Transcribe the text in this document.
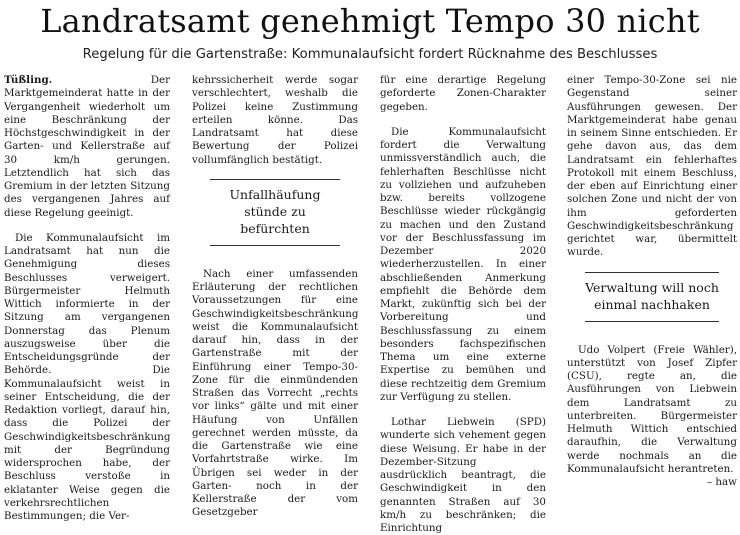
Landratsamt genehmigt Tempo 30 nicht
Regelung für die Gartenstraße: Kommunalaufsicht fordert Rücknahme des Beschlusses

Tüßling.	Der Marktgemeinderat hatte in der Vergangenheit wiederholt um eine Beschränkung der Höchstgeschwindigkeit in der Garten- und Kellerstraße auf 30 km/h gerungen. Letztendlich hat sich das Gremium in der letzten Sitzung des vergangenen Jahres auf diese Regelung geeinigt.

Die Kommunalaufsicht im Landratsamt hat nun die Genehmigung dieses Beschlusses verweigert. Bürgermeister Helmuth Wittich informierte in der Sitzung am vergangenen Donnerstag das Plenum auszugsweise über die Entscheidungsgründe der Behörde. Die Kommunalaufsicht weist in seiner Entscheidung, die der Redaktion vorliegt, darauf hin, dass die Polizei der Geschwindigkeitsbeschränkung mit der Begründung widersprochen habe, der Beschluss verstoße in eklatanter Weise gegen die verkehrsrechtlichen Bestimmungen; die Ver-

kehrssicherheit werde sogar verschlechtert, weshalb die Polizei keine Zustimmung erteilen könne. Das Landratsamt hat diese Bewertung der Polizei vollumfänglich bestätigt.

Unfallhäufung stünde zu befürchten

Nach einer umfassenden Erläuterung der rechtlichen Voraussetzungen für eine Geschwindigkeitsbeschränkung weist die Kommunalaufsicht darauf hin, dass in der Gartenstraße mit der Einführung einer Tempo-30-Zone für die einmündenden Straßen das Vorrecht „rechts vor links“ gälte und mit einer Häufung von Unfällen gerechnet werden müsste, da die Gartenstraße wie eine Vorfahrtstraße wirke. Im Übrigen sei weder in der Garten- noch in der Kellerstraße der vom Gesetzgeber

für eine derartige Regelung geforderte Zonen-Charakter gegeben.

Die Kommunalaufsicht fordert die Verwaltung unmissverständlich auch, die fehlerhaften Beschlüsse nicht zu vollziehen und aufzuheben bzw. bereits vollzogene Beschlüsse wieder rückgängig zu machen und den Zustand vor der Beschlussfassung im Dezember 2020 wiederherzustellen. In einer abschließenden Anmerkung empfiehlt die Behörde dem Markt, zukünftig sich bei der Vorbereitung und Beschlussfassung zu einem besonders fachspezifischen Thema um eine externe Expertise zu bemühen und diese rechtzeitig dem Gremium zur Verfügung zu stellen.

Lothar Liebwein (SPD) wunderte sich vehement gegen diese Weisung. Er habe in der Dezember-Sitzung ausdrücklich beantragt, die Geschwindigkeit in den genannten Straßen auf 30 km/h zu beschränken; die Einrichtung

einer Tempo-30-Zone sei nie Gegenstand seiner Ausführungen gewesen. Der Marktgemeinderat habe genau in seinem Sinne entschieden. Er gehe davon aus, das dem Landratsamt ein fehlerhaftes Protokoll mit einem Beschluss, der eben auf Einrichtung einer solchen Zone und nicht der von ihm geforderten Geschwindigkeitsbeschränkung gerichtet war, übermittelt wurde.

Verwaltung will noch einmal nachhaken

Udo Volpert (Freie Wähler), unterstützt von Josef Zipfer (CSU), regte an, die Ausführungen von Liebwein dem Landratsamt zu unterbreiten. Bürgermeister Helmuth Wittich entschied daraufhin, die Verwaltung werde nochmals an die Kommunalaufsicht herantreten.

– haw
